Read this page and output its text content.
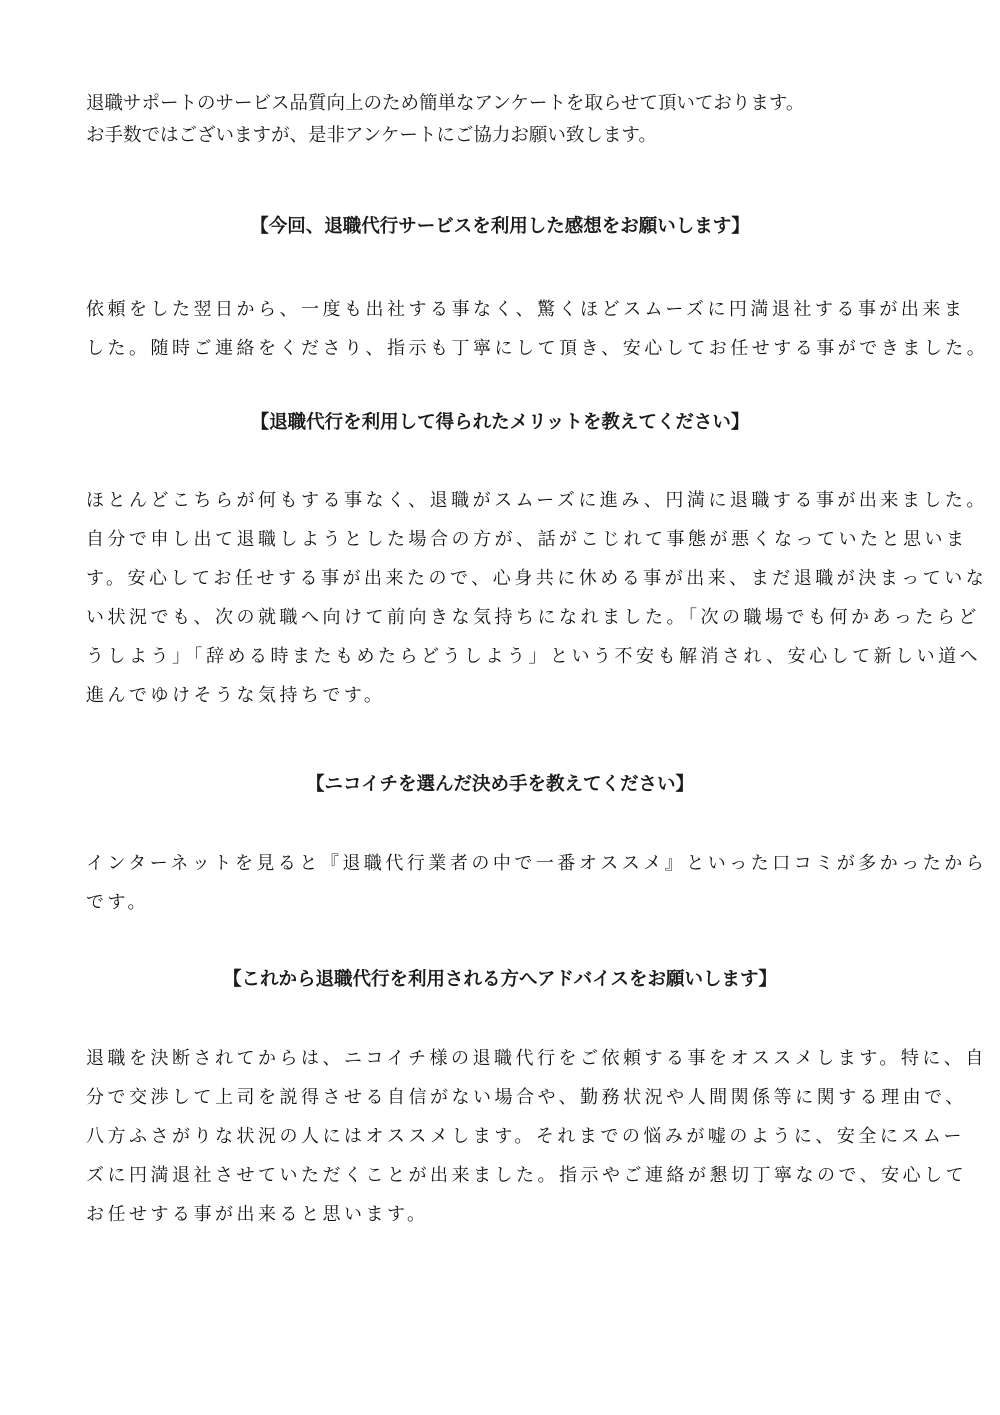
退職サポートのサービス品質向上のため簡単なアンケートを取らせて頂いております。

お手数ではございますが、是非アンケートにご協力お願い致します。

【今回、退職代行サービスを利用した感想をお願いします】

依頼をした翌日から、一度も出社する事なく、驚くほどスムーズに円満退社する事が出来ま
した。随時ご連絡をくださり、指示も丁寧にして頂き、安心してお任せする事ができました。

【退職代行を利用して得られたメリットを教えてください】

ほとんどこちらが何もする事なく、退職がスムーズに進み、円満に退職する事が出来ました。
自分で申し出て退職しようとした場合の方が、話がこじれて事態が悪くなっていたと思いま
す。安心してお任せする事が出来たので、心身共に休める事が出来、まだ退職が決まっていな
い状況でも、次の就職へ向けて前向きな気持ちになれました。「次の職場でも何かあったらど
うしよう」「辞める時またもめたらどうしよう」という不安も解消され、安心して新しい道へ
進んでゆけそうな気持ちです。

【ニコイチを選んだ決め手を教えてください】

インターネットを見ると『退職代行業者の中で一番オススメ』といった口コミが多かったから
です。

【これから退職代行を利用される方へアドバイスをお願いします】

退職を決断されてからは、ニコイチ様の退職代行をご依頼する事をオススメします。特に、自
分で交渉して上司を説得させる自信がない場合や、勤務状況や人間関係等に関する理由で、
八方ふさがりな状況の人にはオススメします。それまでの悩みが嘘のように、安全にスムー
ズに円満退社させていただくことが出来ました。指示やご連絡が懇切丁寧なので、安心して
お任せする事が出来ると思います。
